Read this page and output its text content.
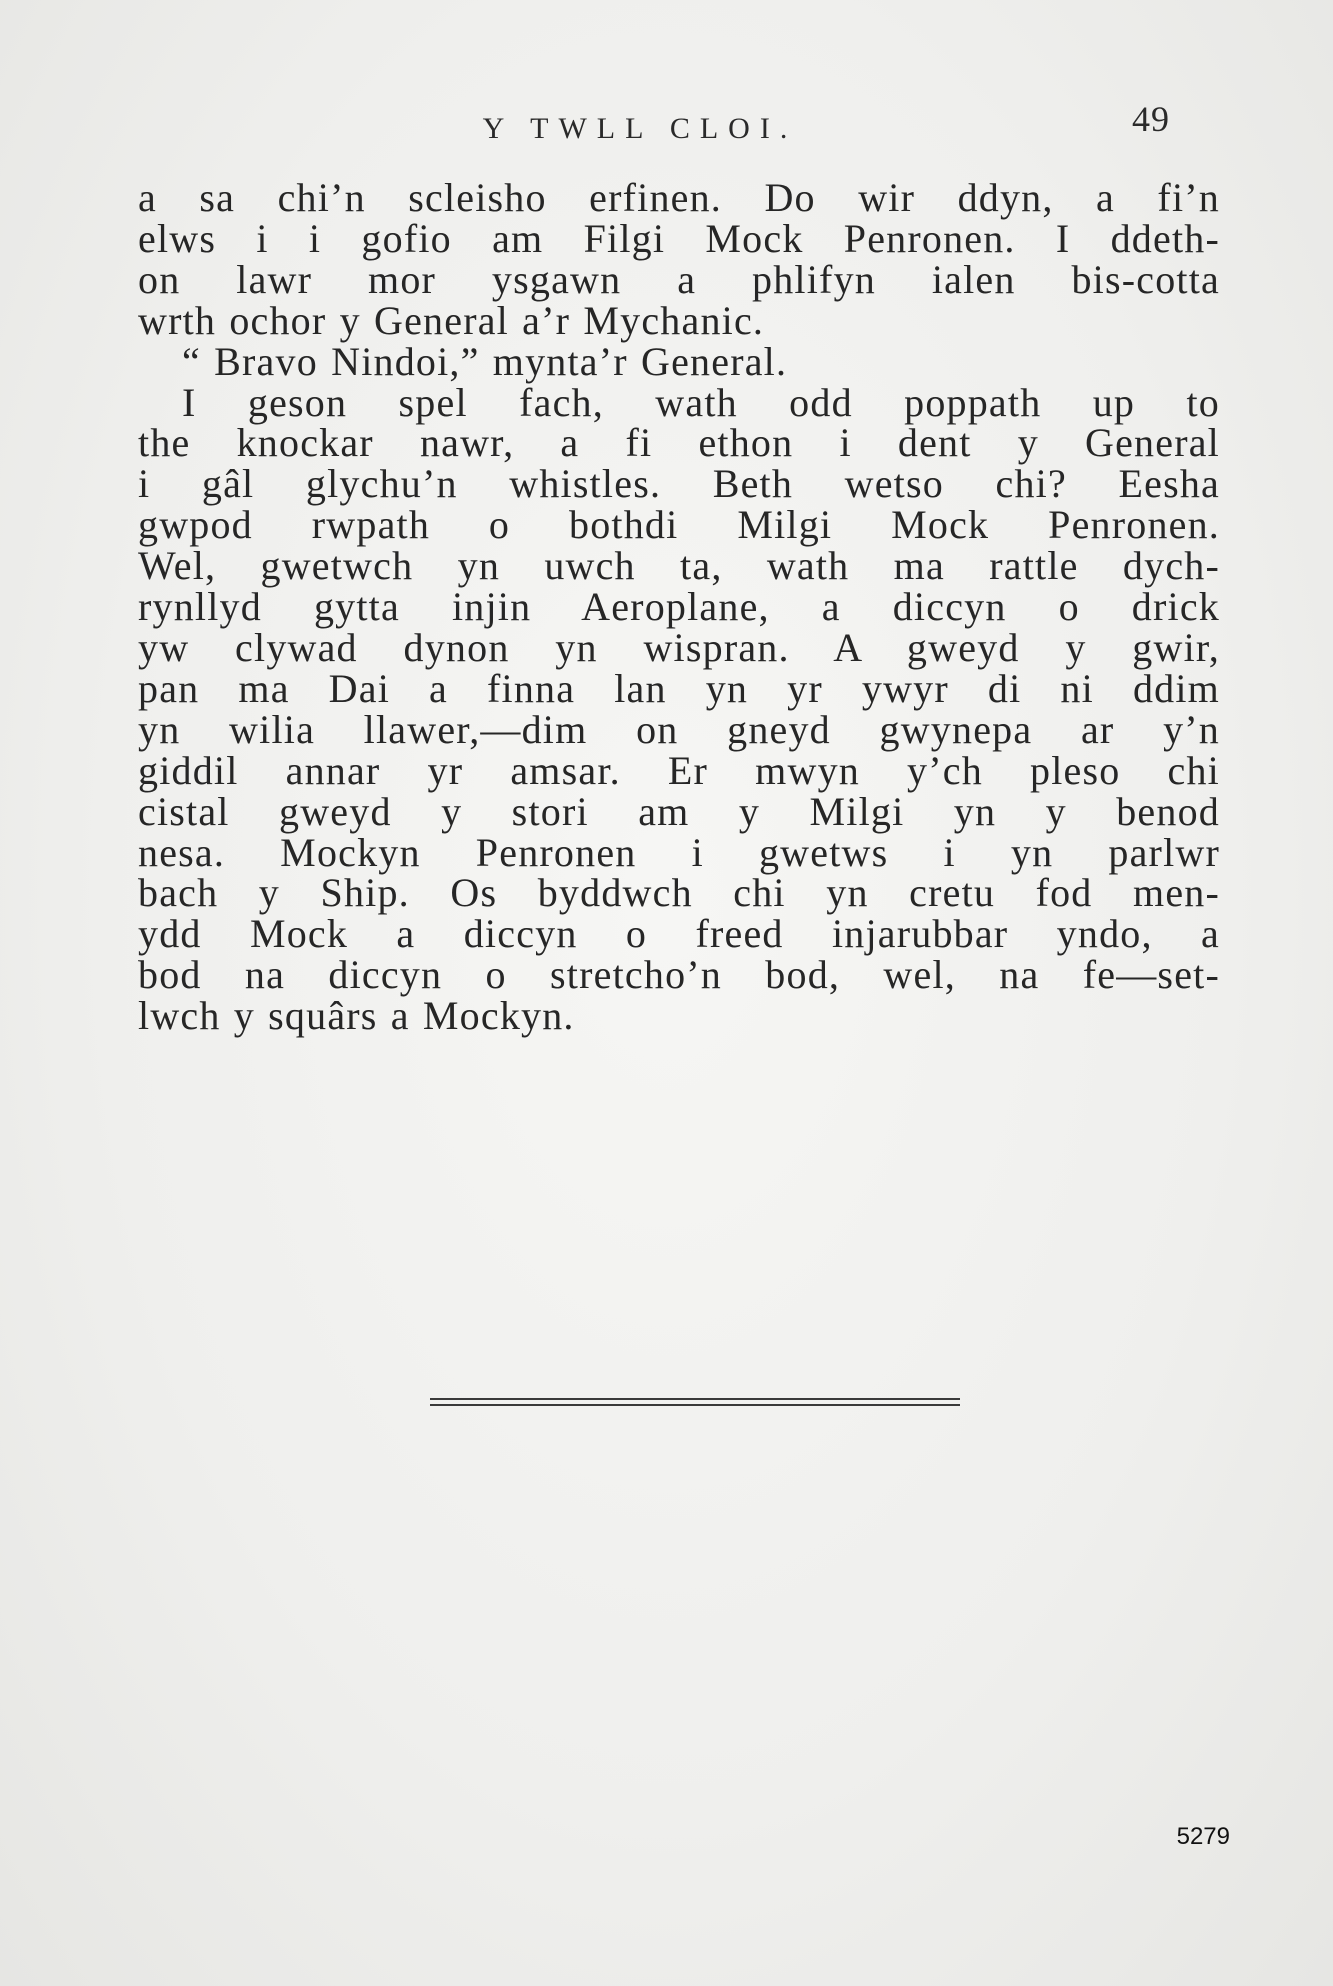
Y TWLL CLOI.	49
a sa chi’n scleisho erfinen. Do wir ddyn, a fi’n
elws i i gofio am Filgi Mock Penronen. I ddeth-
on lawr mor ysgawn a phlifyn ialen bis-cotta
wrth ochor y General a’r Mychanic.
“ Bravo Nindoi,” mynta’r General.
I geson spel fach, wath odd poppath up to
the knockar nawr, a fi ethon i dent y General
i gâl glychu’n whistles. Beth wetso chi? Eesha
gwpod rwpath o bothdi Milgi Mock Penronen.
Wel, gwetwch yn uwch ta, wath ma rattle dych-
rynllyd gytta injin Aeroplane, a diccyn o drick
yw clywad dynon yn wispran. A gweyd y gwir,
pan ma Dai a finna lan yn yr ywyr di ni ddim
yn wilia llawer,—dim on gneyd gwynepa ar y’n
giddil annar yr amsar. Er mwyn y’ch pleso chi
cistal gweyd y stori am y Milgi yn y benod
nesa. Mockyn Penronen i gwetws i yn parlwr
bach y Ship. Os byddwch chi yn cretu fod men-
ydd Mock a diccyn o freed injarubbar yndo, a
bod na diccyn o stretcho’n bod, wel, na fe—set-
lwch y squârs a Mockyn.
5279
